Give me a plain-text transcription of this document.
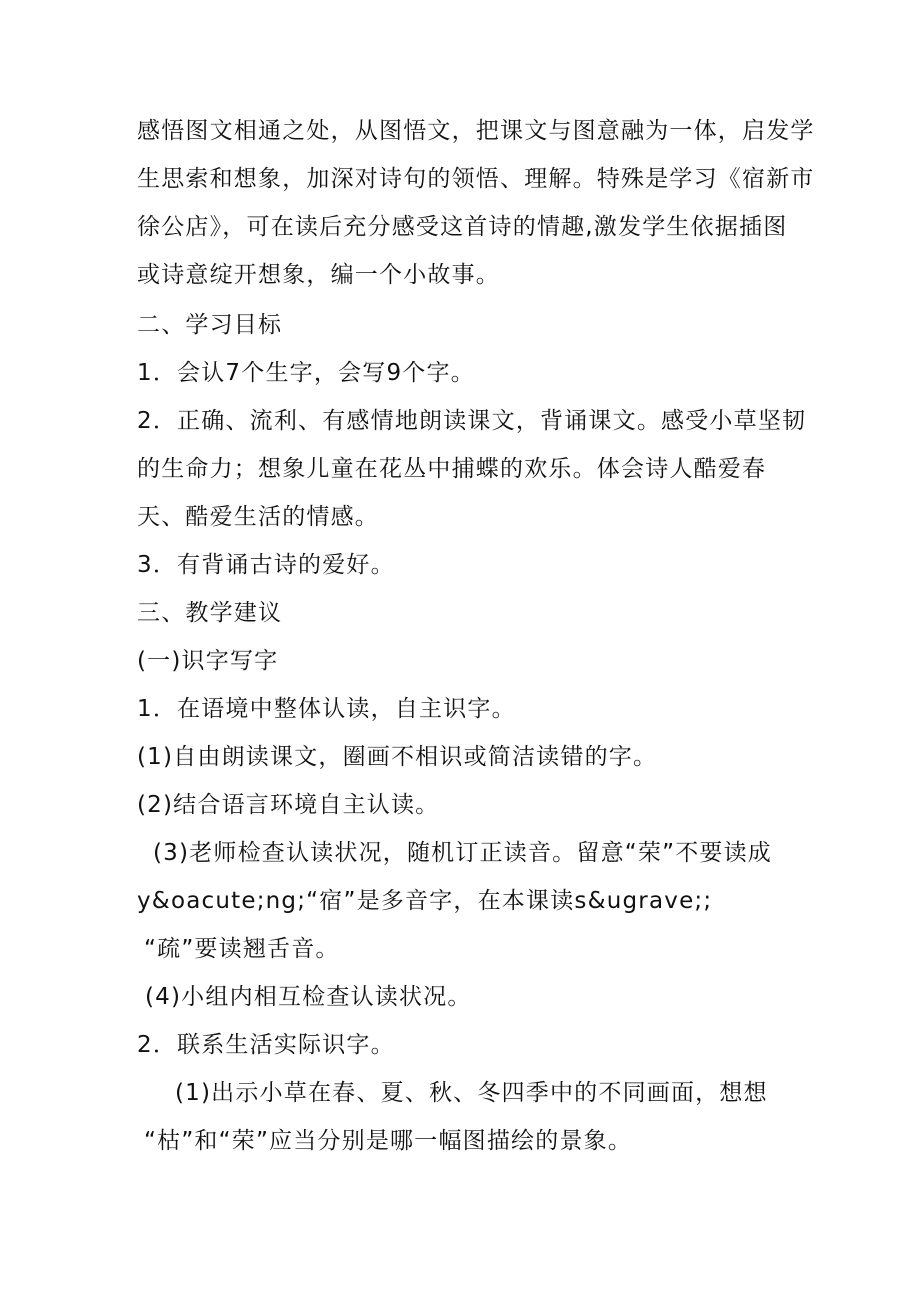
感悟图文相通之处，从图悟文，把课文与图意融为一体，启发学
生思索和想象，加深对诗句的领悟、理解。特殊是学习《宿新市
徐公店》，可在读后充分感受这首诗的情趣,激发学生依据插图
或诗意绽开想象，编一个小故事。
二、学习目标
1．会认7个生字，会写9个字。
2．正确、流利、有感情地朗读课文，背诵课文。感受小草坚韧
的生命力；想象儿童在花丛中捕蝶的欢乐。体会诗人酷爱春
天、酷爱生活的情感。
3．有背诵古诗的爱好。
三、教学建议
(一)识字写字
1．在语境中整体认读，自主识字。
(1)自由朗读课文，圈画不相识或简洁读错的字。
(2)结合语言环境自主认读。
(3)老师检查认读状况，随机订正读音。留意“荣”不要读成
y&oacute;ng;“宿”是多音字，在本课读s&ugrave;;
“疏”要读翘舌音。
(4)小组内相互检查认读状况。
2．联系生活实际识字。
(1)出示小草在春、夏、秋、冬四季中的不同画面，想想
“枯”和“荣”应当分别是哪一幅图描绘的景象。
